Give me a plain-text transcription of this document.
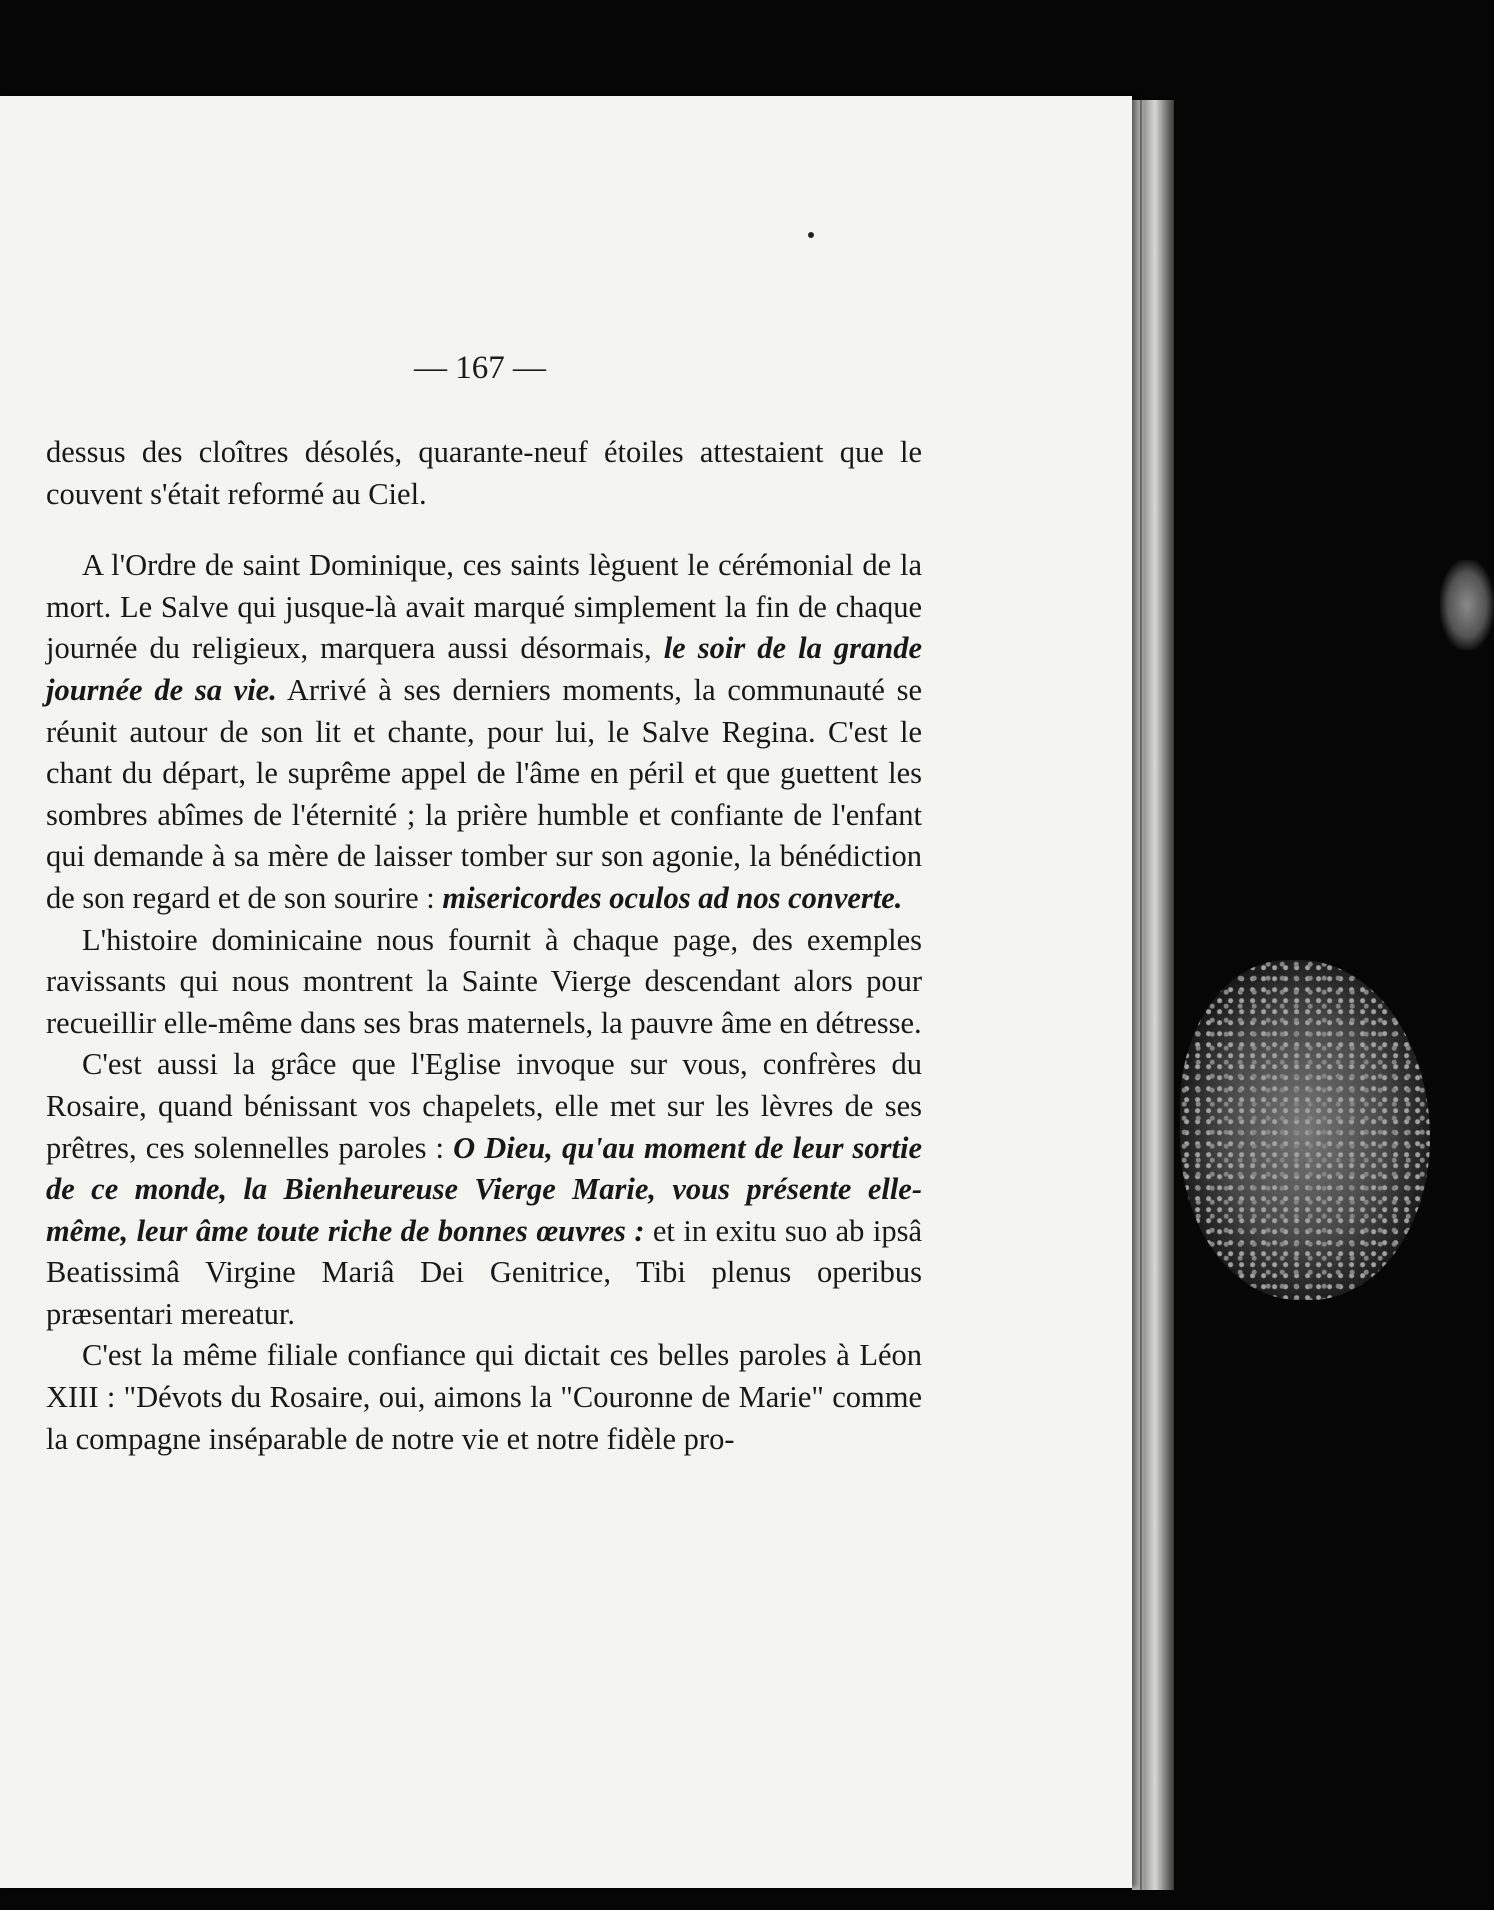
— 167 —

dessus des cloîtres désolés, quarante-neuf étoiles attestaient que le couvent s'était reformé au Ciel.

A l'Ordre de saint Dominique, ces saints lèguent le cérémonial de la mort. Le Salve qui jusque-là avait marqué simplement la fin de chaque journée du religieux, marquera aussi désormais, le soir de la grande journée de sa vie. Arrivé à ses derniers moments, la communauté se réunit autour de son lit et chante, pour lui, le Salve Regina. C'est le chant du départ, le suprême appel de l'âme en péril et que guettent les sombres abîmes de l'éternité ; la prière humble et confiante de l'enfant qui demande à sa mère de laisser tomber sur son agonie, la bénédiction de son regard et de son sourire : misericordes oculos ad nos converte.

L'histoire dominicaine nous fournit à chaque page, des exemples ravissants qui nous montrent la Sainte Vierge descendant alors pour recueillir elle-même dans ses bras maternels, la pauvre âme en détresse.

C'est aussi la grâce que l'Eglise invoque sur vous, confrères du Rosaire, quand bénissant vos chapelets, elle met sur les lèvres de ses prêtres, ces solennelles paroles : O Dieu, qu'au moment de leur sortie de ce monde, la Bienheureuse Vierge Marie, vous présente elle-même, leur âme toute riche de bonnes œuvres : et in exitu suo ab ipsâ Beatissimâ Virgine Mariâ Dei Genitrice, Tibi plenus operibus præsentari mereatur.

C'est la même filiale confiance qui dictait ces belles paroles à Léon XIII : "Dévots du Rosaire, oui, aimons la "Couronne de Marie" comme la compagne inséparable de notre vie et notre fidèle pro-
